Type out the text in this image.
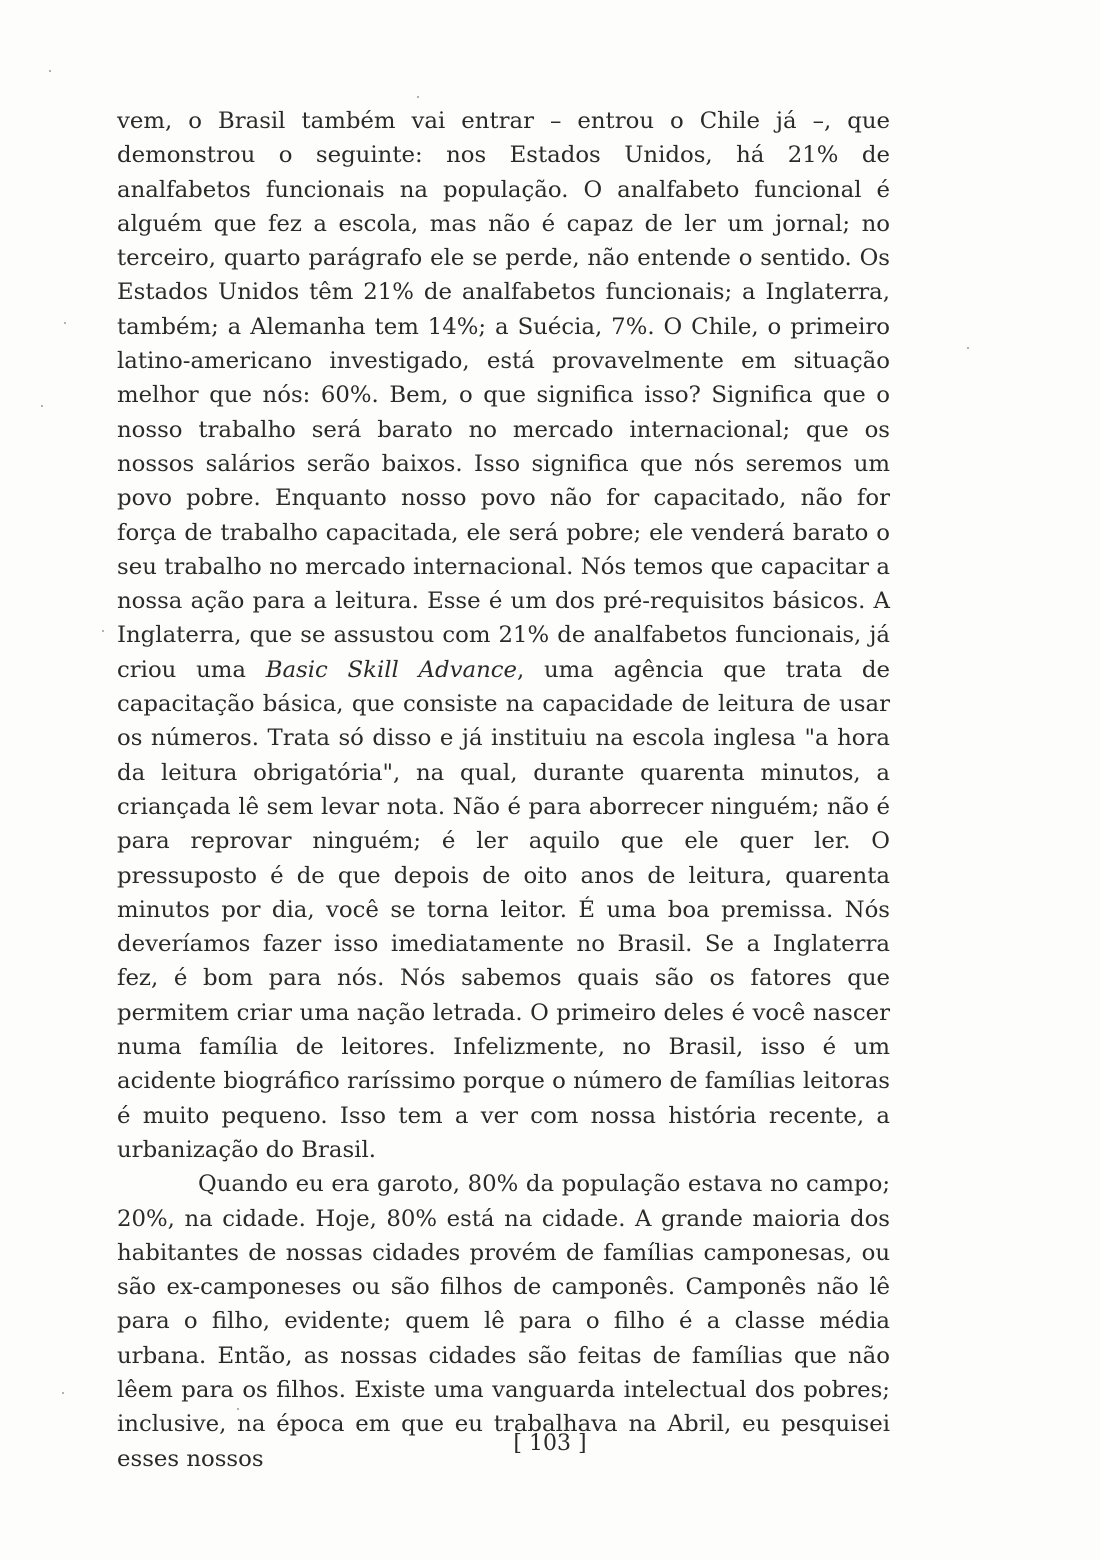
vem, o Brasil também vai entrar – entrou o Chile já –, que demonstrou o seguinte: nos Estados Unidos, há 21% de analfabetos funcionais na população. O analfabeto funcional é alguém que fez a escola, mas não é capaz de ler um jornal; no terceiro, quarto parágrafo ele se perde, não entende o sentido. Os Estados Unidos têm 21% de analfabetos funcionais; a Inglaterra, também; a Alemanha tem 14%; a Suécia, 7%. O Chile, o primeiro latino-americano investigado, está provavelmente em situação melhor que nós: 60%. Bem, o que significa isso? Significa que o nosso trabalho será barato no mercado internacional; que os nossos salários serão baixos. Isso significa que nós seremos um povo pobre. Enquanto nosso povo não for capacitado, não for força de trabalho capacitada, ele será pobre; ele venderá barato o seu trabalho no mercado internacional. Nós temos que capacitar a nossa ação para a leitura. Esse é um dos pré-requisitos básicos. A Inglaterra, que se assustou com 21% de analfabetos funcionais, já criou uma Basic Skill Advance, uma agência que trata de capacitação básica, que consiste na capacidade de leitura de usar os números. Trata só disso e já instituiu na escola inglesa "a hora da leitura obrigatória", na qual, durante quarenta minutos, a criançada lê sem levar nota. Não é para aborrecer ninguém; não é para reprovar ninguém; é ler aquilo que ele quer ler. O pressuposto é de que depois de oito anos de leitura, quarenta minutos por dia, você se torna leitor. É uma boa premissa. Nós deveríamos fazer isso imediatamente no Brasil. Se a Inglaterra fez, é bom para nós. Nós sabemos quais são os fatores que permitem criar uma nação letrada. O primeiro deles é você nascer numa família de leitores. Infelizmente, no Brasil, isso é um acidente biográfico raríssimo porque o número de famílias leitoras é muito pequeno. Isso tem a ver com nossa história recente, a urbanização do Brasil.

Quando eu era garoto, 80% da população estava no campo; 20%, na cidade. Hoje, 80% está na cidade. A grande maioria dos habitantes de nossas cidades provém de famílias camponesas, ou são ex-camponeses ou são filhos de camponês. Camponês não lê para o filho, evidente; quem lê para o filho é a classe média urbana. Então, as nossas cidades são feitas de famílias que não lêem para os filhos. Existe uma vanguarda intelectual dos pobres; inclusive, na época em que eu trabalhava na Abril, eu pesquisei esses nossos

[ 103 ]
